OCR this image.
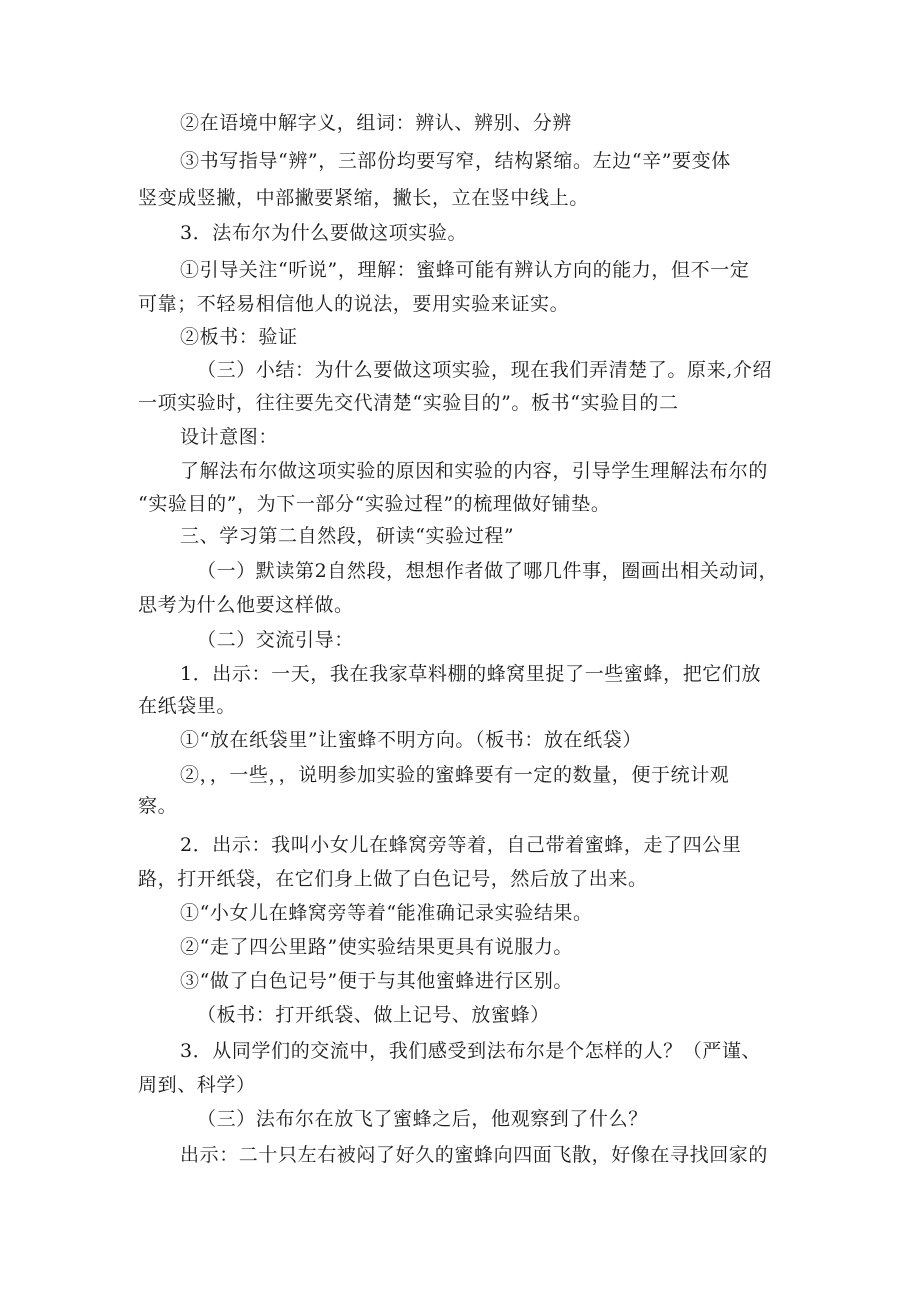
②在语境中解字义，组词：辨认、辨别、分辨
③书写指导“辨”，三部份均要写窄，结构紧缩。左边“辛”要变体
竖变成竖撇，中部撇要紧缩，撇长，立在竖中线上。
3．法布尔为什么要做这项实验。
①引导关注“听说”，理解：蜜蜂可能有辨认方向的能力，但不一定
可靠；不轻易相信他人的说法，要用实验来证实。
②板书：验证
（三）小结：为什么要做这项实验，现在我们弄清楚了。原来,介绍
一项实验时，往往要先交代清楚“实验目的”。板书“实验目的二
设计意图：
了解法布尔做这项实验的原因和实验的内容，引导学生理解法布尔的
“实验目的”，为下一部分“实验过程”的梳理做好铺垫。
三、学习第二自然段，研读“实验过程”
（一）默读第2自然段，想想作者做了哪几件事，圈画出相关动词，
思考为什么他要这样做。
（二）交流引导：
1．出示：一天，我在我家草料棚的蜂窝里捉了一些蜜蜂，把它们放
在纸袋里。
①“放在纸袋里”让蜜蜂不明方向。（板书：放在纸袋）
②，，一些，，说明参加实验的蜜蜂要有一定的数量，便于统计观
察。
2．出示：我叫小女儿在蜂窝旁等着，自己带着蜜蜂，走了四公里
路，打开纸袋，在它们身上做了白色记号，然后放了出来。
①“小女儿在蜂窝旁等着“能准确记录实验结果。
②“走了四公里路”使实验结果更具有说服力。
③“做了白色记号”便于与其他蜜蜂进行区别。
（板书：打开纸袋、做上记号、放蜜蜂）
3．从同学们的交流中，我们感受到法布尔是个怎样的人？（严谨、
周到、科学）
（三）法布尔在放飞了蜜蜂之后，他观察到了什么？
出示：二十只左右被闷了好久的蜜蜂向四面飞散，好像在寻找回家的
